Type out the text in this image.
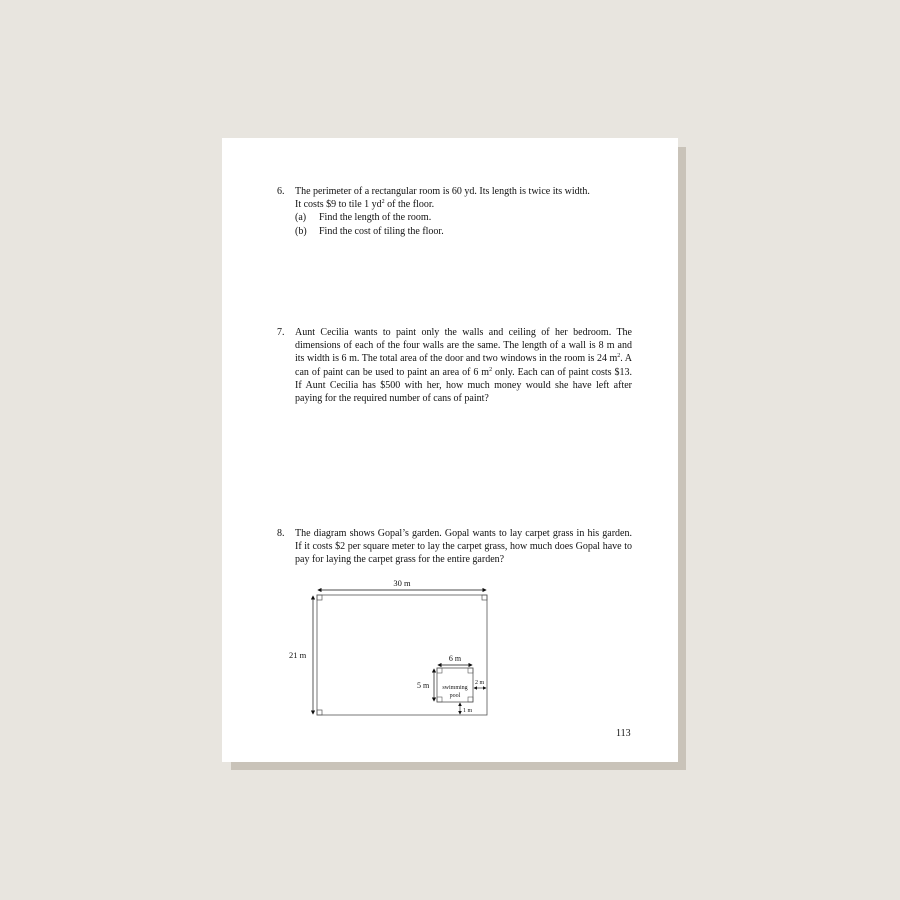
6. The perimeter of a rectangular room is 60 yd. Its length is twice its width.
It costs $9 to tile 1 $yd^2$ of the floor.
(a) Find the length of the room.
(b) Find the cost of tiling the floor.
7. Aunt Cecilia wants to paint only the walls and ceiling of her bedroom. The dimensions of each of the four walls are the same. The length of a wall is 8 m and its width is 6 m. The total area of the door and two windows in the room is 24 $m^2$. A can of paint can be used to paint an area of 6 $m^2$ only. Each can of paint costs $13. If Aunt Cecilia has $500 with her, how much money would she have left after paying for the required number of cans of paint?
8. The diagram shows Gopal’s garden. Gopal wants to lay carpet grass in his garden. If it costs $2 per square meter to lay the carpet grass, how much does Gopal have to pay for laying the carpet grass for the entire garden?
30 m
21 m
swimming
pool
6 m
5 m	2 m
1 m
113
